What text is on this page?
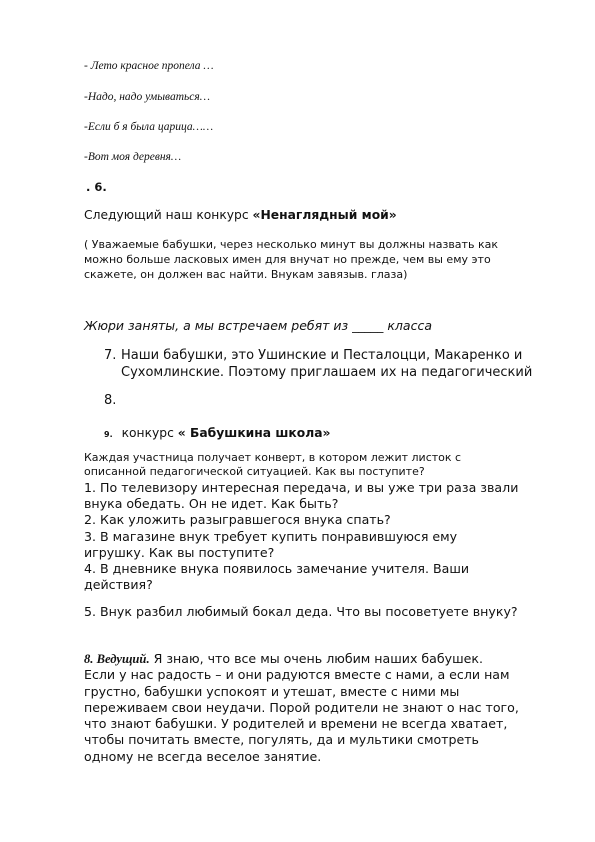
- Лето красное пропела …
-Надо, надо умываться…
-Если б я была царица……
-Вот моя деревня…
. 6.
Следующий наш конкурс «Ненаглядный мой»
( Уважаемые бабушки, через несколько минут вы должны назвать как
можно больше ласковых имен для внучат но прежде, чем вы ему это
скажете, он должен вас найти. Внукам завязыв. глаза)
Жюри заняты, а мы встречаем ребят из _____ класса
7. Наши бабушки, это Ушинские и Песталоцци, Макаренко и
Сухомлинские. Поэтому приглашаем их на педагогический
8.
9. конкурс « Бабушкина школа»
Каждая участница получает конверт, в котором лежит листок с
описанной педагогической ситуацией. Как вы поступите?
1. По телевизору интересная передача, и вы уже три раза звали
внука обедать. Он не идет. Как быть?
2. Как уложить разыгравшегося внука спать?
3. В магазине внук требует купить понравившуюся ему
игрушку. Как вы поступите?
4. В дневнике внука появилось замечание учителя. Ваши
действия?
5. Внук разбил любимый бокал деда. Что вы посоветуете внуку?
8. Ведущий. Я знаю, что все мы очень любим наших бабушек.
Если у нас радость – и они радуются вместе с нами, а если нам
грустно, бабушки успокоят и утешат, вместе с ними мы
переживаем свои неудачи. Порой родители не знают о нас того,
что знают бабушки. У родителей и времени не всегда хватает,
чтобы почитать вместе, погулять, да и мультики смотреть
одному не всегда веселое занятие.
